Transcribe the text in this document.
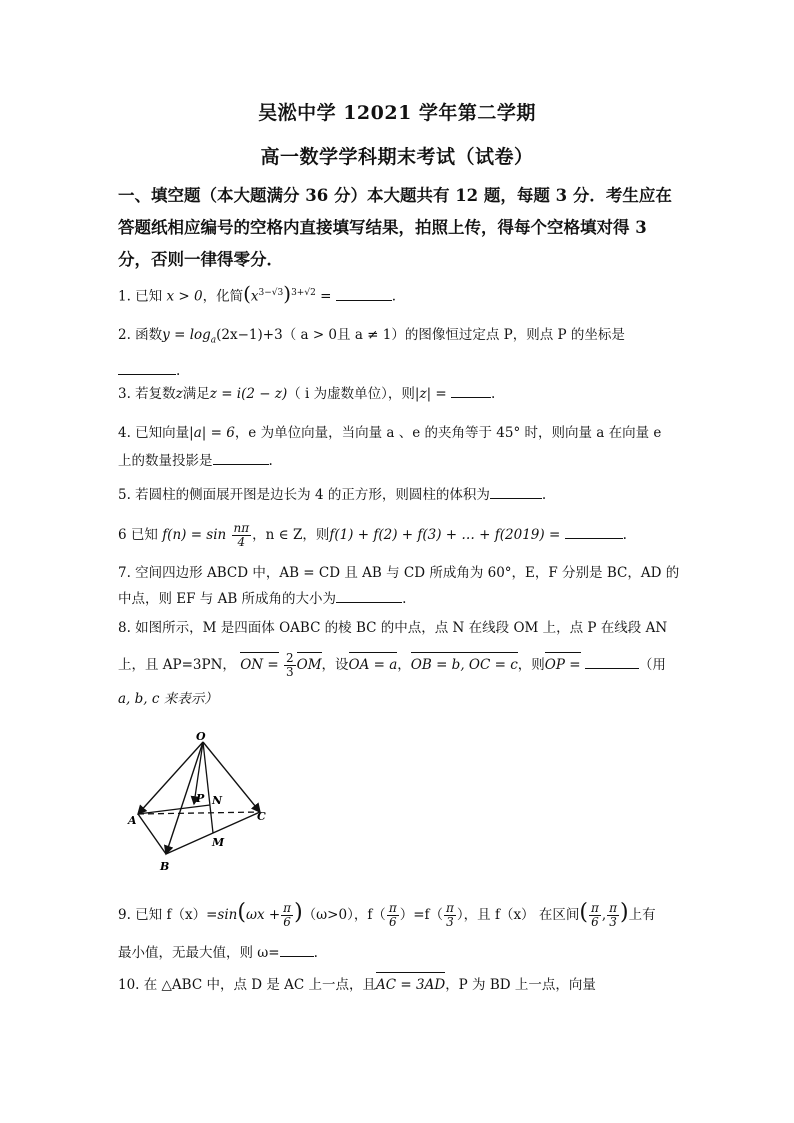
吴淞中学 12021 学年第二学期
高一数学学科期末考试（试卷）
一、填空题（本大题满分 36 分）本大题共有 12 题，每题 3 分．考生应在答题纸相应编号的空格内直接填写结果，拍照上传，得每个空格填对得 3 分，否则一律得零分．
1. 已知 x > 0，化简$(x^{3-√3})^{3+√2}$ =	.
2. 函数$y = \log_a(2x-1)+3$（ a > 0且 a ≠ 1）的图像恒过定点 P，则点 P 的坐标是
.
3. 若复数z满足z = i(2 − z)（ i 为虚数单位），则|z| =	.
4. 已知向量|a| = 6，e 为单位向量，当向量 a 、e 的夹角等于 45° 时，则向量 a 在向量 e
上的数量投影是	.
5. 若圆柱的侧面展开图是边长为 4 的正方形，则圆柱的体积为	.
6 已知 $f(n) = \sin \frac{n\pi}{4}$ ，n ∈ Z，则f(1) + f(2) + f(3) + … + f(2019) =	.
7. 空间四边形 ABCD 中，AB = CD 且 AB 与 CD 所成角为 60°，E，F 分别是 BC，AD 的
中点，则 EF 与 AB 所成角的大小为	.
8. 如图所示，M 是四面体 OABC 的棱 BC 的中点，点 N 在线段 OM 上，点 P 在线段 AN
上，且 AP=3PN， ON = $\frac{2}{3}$ OM，设OA = a，OB = b, OC = c，则OP =	（用
a, b, c 来表示）
O
A
B
C
M
N
P
9. 已知 $f(x)=\sin(\omega x + \frac{\pi}{6} )(\omega>0)$，$f( \frac{\pi}{6} )=f( \frac{\pi}{3}$ ），且 f（x） 在区间( $\frac{\pi}{6}$ , $\frac{\pi}{3}$ )上有
最小值，无最大值，则 ω=	.
10. 在 △ABC 中，点 D 是 AC 上一点，且AC = 3AD，P 为 BD 上一点，向量
